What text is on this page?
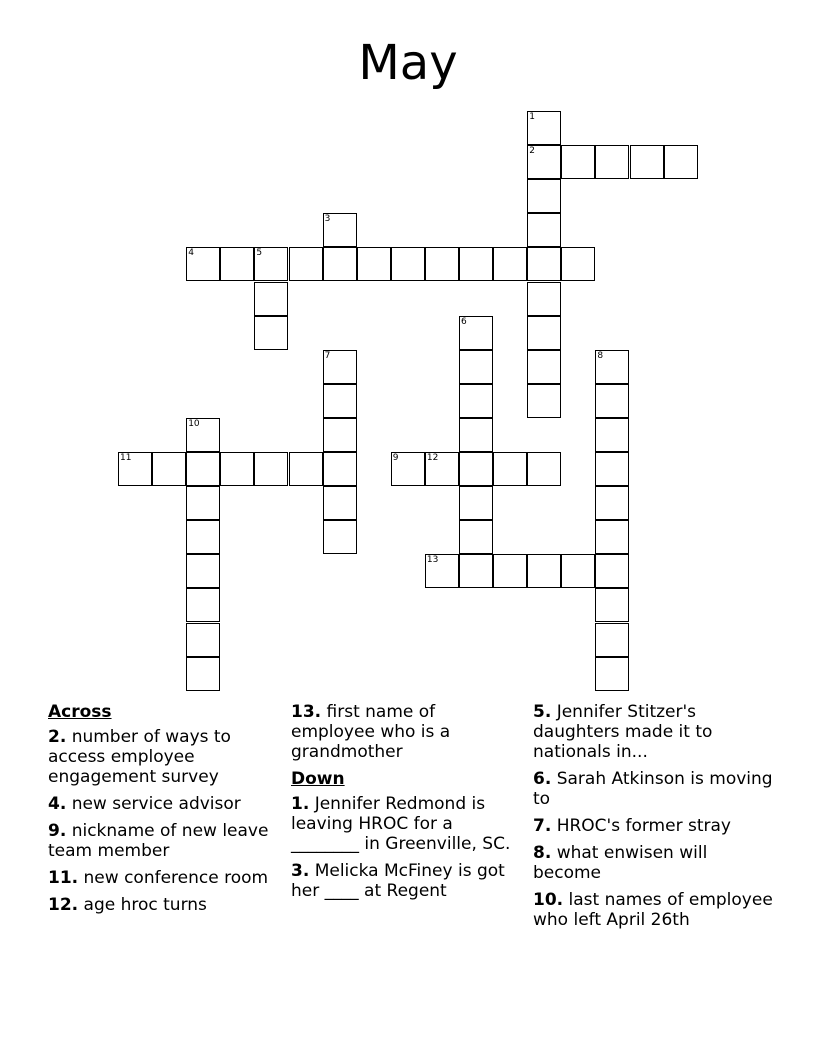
May
2
4	5
9	12
11
13
1
3
6
7	8
10
Across
2. number of ways to access employee engagement survey
4. new service advisor
9. nickname of new leave team member
11. new conference room
12. age hroc turns
13. first name of employee who is a grandmother
Down
1. Jennifer Redmond is leaving HROC for a ________ in Greenville, SC.
3. Melicka McFiney is got her ____ at Regent
5. Jennifer Stitzer's daughters made it to nationals in...
6. Sarah Atkinson is moving to
7. HROC's former stray
8. what enwisen will become
10. last names of employee who left April 26th
